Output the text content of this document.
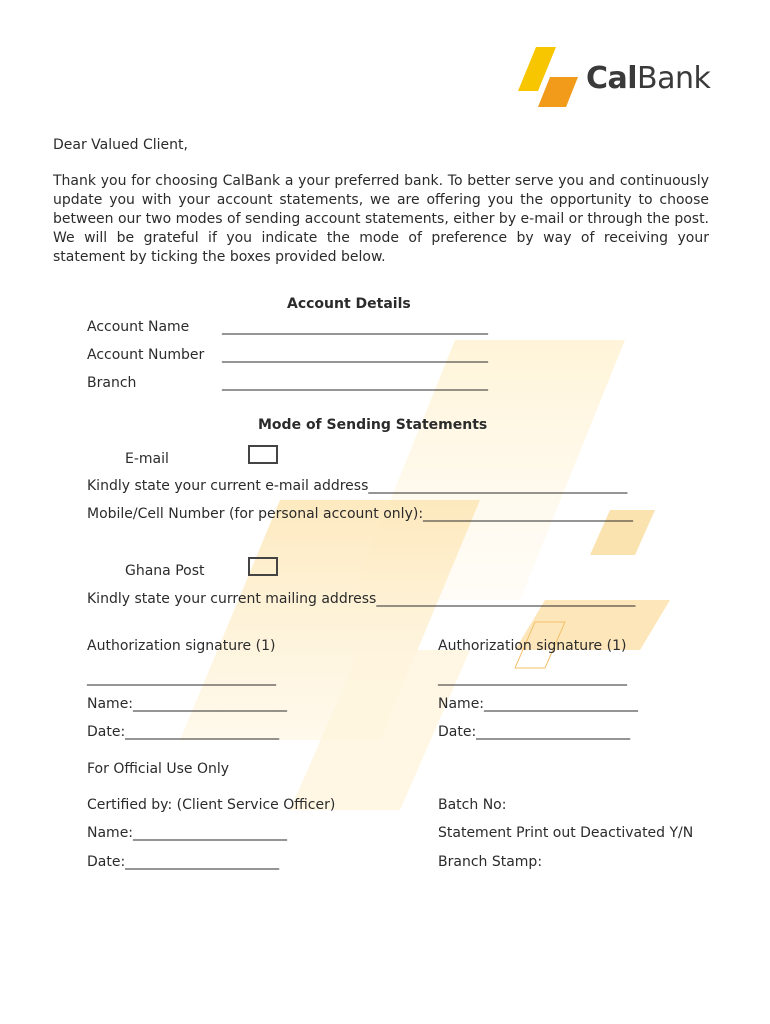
CalBank
Dear Valued Client,
Thank you for choosing CalBank a your preferred bank. To better serve you and continuously update you with your account statements, we are offering you the opportunity to choose between our two modes of sending account statements, either by e-mail or through the post. We will be grateful if you indicate the mode of preference by way of receiving your statement by ticking the boxes provided below.
Account Details
Account Name ______________________________________
Account Number ______________________________________
Branch	______________________________________
Mode of Sending Statements
E-mail
Kindly state your current e-mail address_____________________________________
Mobile/Cell Number (for personal account only):______________________________
Ghana Post
Kindly state your current mailing address_____________________________________
Authorization signature (1)	Authorization signature (1)
___________________________	___________________________
Name:______________________	Name:______________________
Date:______________________	Date:______________________
For Official Use Only
Certified by: (Client Service Officer)	Batch No:
Name:______________________	Statement Print out Deactivated Y/N
Date:______________________	Branch Stamp:
